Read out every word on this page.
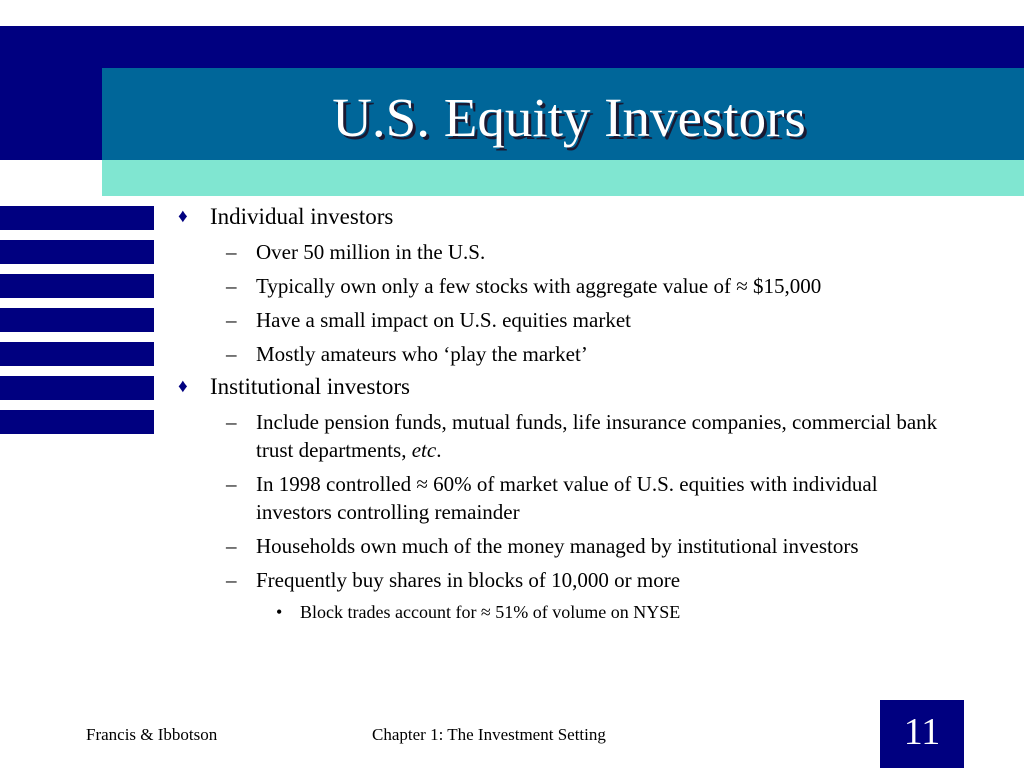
U.S. Equity Investors
♦ Individual investors
– Over 50 million in the U.S.
– Typically own only a few stocks with aggregate value of ≈ $15,000
– Have a small impact on U.S. equities market
– Mostly amateurs who ‘play the market’
♦ Institutional investors
– Include pension funds, mutual funds, life insurance companies, commercial bank trust departments, etc.
– In 1998 controlled ≈ 60% of market value of U.S. equities with individual investors controlling remainder
– Households own much of the money managed by institutional investors
– Frequently buy shares in blocks of 10,000 or more
• Block trades account for ≈ 51% of volume on NYSE
Francis & Ibbotson	Chapter 1: The Investment Setting	11
